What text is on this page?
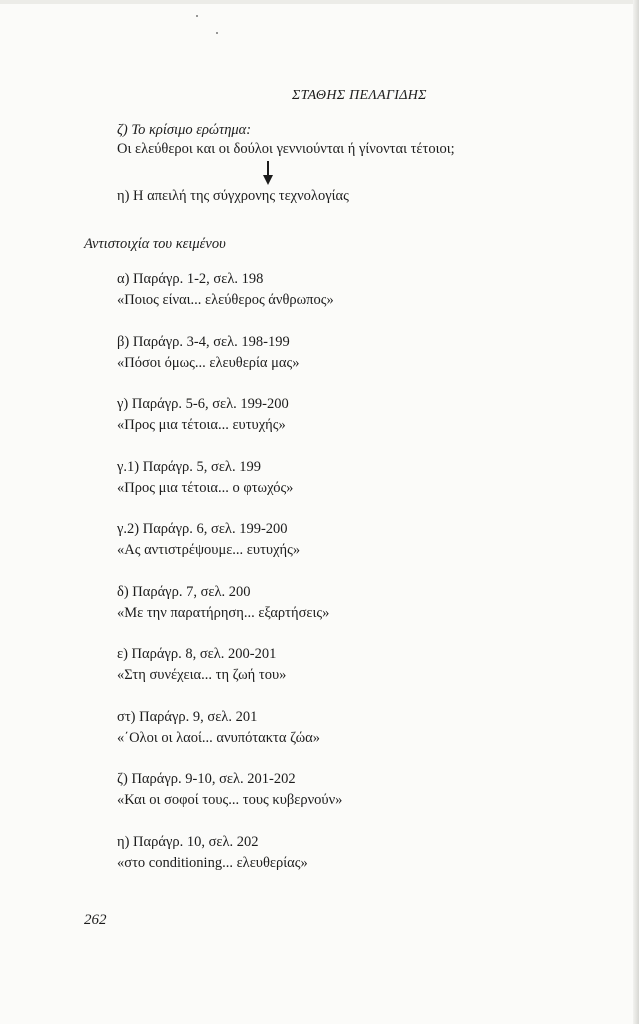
ΣΤΑΘΗΣ ΠΕΛΑΓΙΔΗΣ
ζ) Το κρίσιμο ερώτημα:
Οι ελεύθεροι και οι δούλοι γεννιούνται ή γίνονται τέτοιοι;
η) Η απειλή της σύγχρονης τεχνολογίας
Αντιστοιχία του κειμένου
α) Παράγρ. 1-2, σελ. 198
«Ποιος είναι... ελεύθερος άνθρωπος»
β) Παράγρ. 3-4, σελ. 198-199
«Πόσοι όμως... ελευθερία μας»
γ) Παράγρ. 5-6, σελ. 199-200
«Προς μια τέτοια... ευτυχής»
γ.1) Παράγρ. 5, σελ. 199
«Προς μια τέτοια... ο φτωχός»
γ.2) Παράγρ. 6, σελ. 199-200
«Ας αντιστρέψουμε... ευτυχής»
δ) Παράγρ. 7, σελ. 200
«Με την παρατήρηση... εξαρτήσεις»
ε) Παράγρ. 8, σελ. 200-201
«Στη συνέχεια... τη ζωή του»
στ) Παράγρ. 9, σελ. 201
«΄Ολοι οι λαοί... ανυπότακτα ζώα»
ζ) Παράγρ. 9-10, σελ. 201-202
«Και οι σοφοί τους... τους κυβερνούν»
η) Παράγρ. 10, σελ. 202
«στο conditioning... ελευθερίας»
262
